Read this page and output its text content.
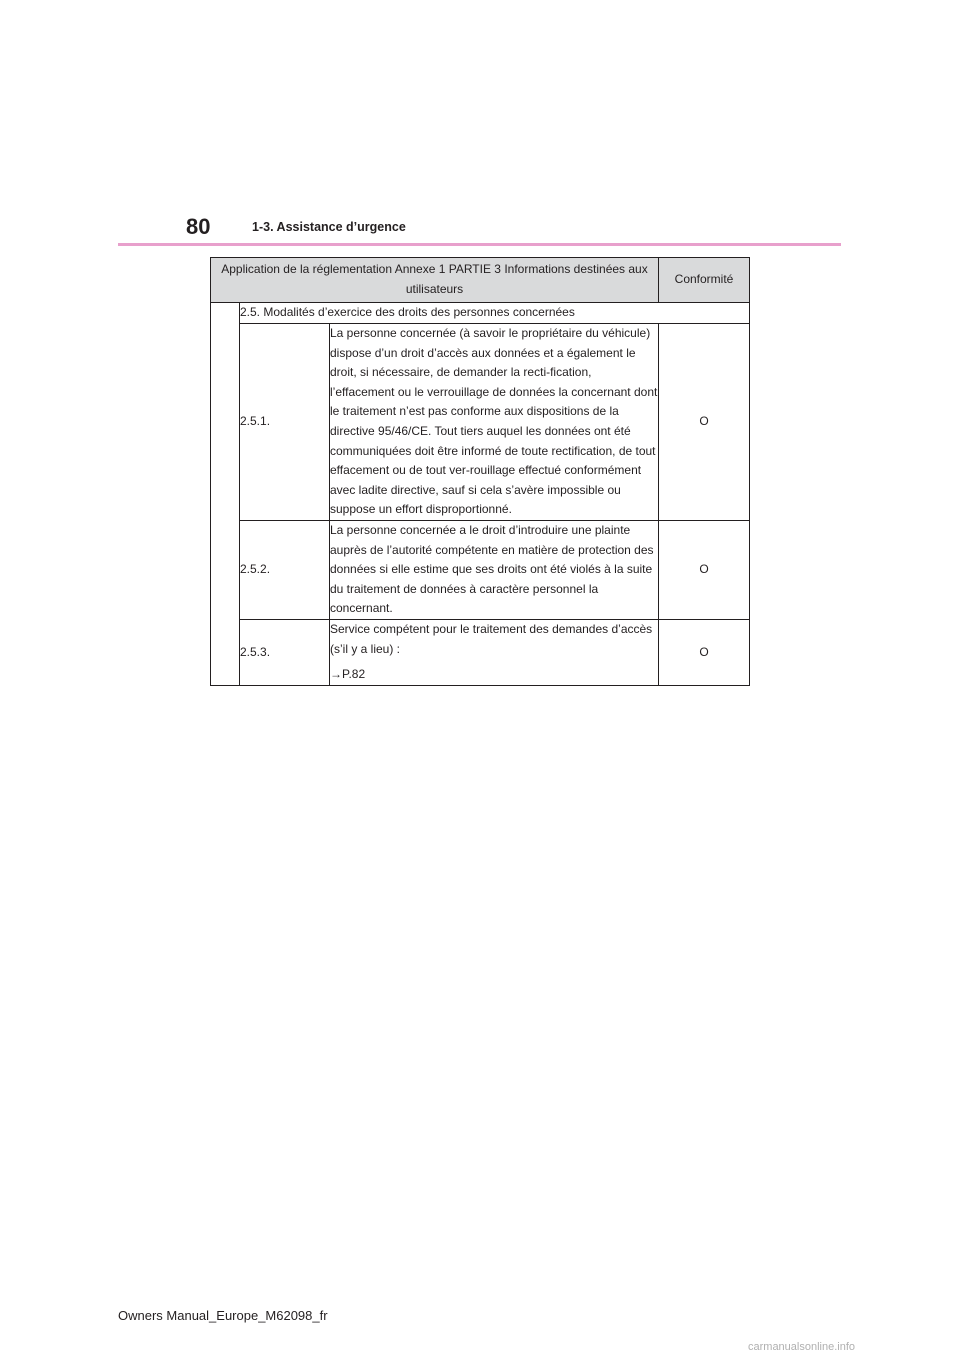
80	1-3. Assistance d’urgence
Application de la réglementation Annexe 1 PARTIE 3 Informations destinées aux utilisateurs			Conformité
	2.5. Modalités d’exercice des droits des personnes concernées		
	2.5.1.	La personne concernée (à savoir le propriétaire du véhicule) dispose d’un droit d’accès aux données et a également le droit, si nécessaire, de demander la recti-fication, l’effacement ou le verrouillage de données la concernant dont le traitement n’est pas conforme aux dispositions de la directive 95/46/CE. Tout tiers auquel les données ont été communiquées doit être informé de toute rectification, de tout effacement ou de tout ver-rouillage effectué conformément avec ladite directive, sauf si cela s’avère impossible ou suppose un effort disproportionné.	O
	2.5.2.	La personne concernée a le droit d’introduire une plainte auprès de l’autorité compétente en matière de protection des données si elle estime que ses droits ont été violés à la suite du traitement de données à caractère personnel la concernant.	O
	2.5.3.	Service compétent pour le traitement des demandes d’accès (s’il y a lieu) :
→P.82	O
Owners Manual_Europe_M62098_fr
carmanualsonline.info
